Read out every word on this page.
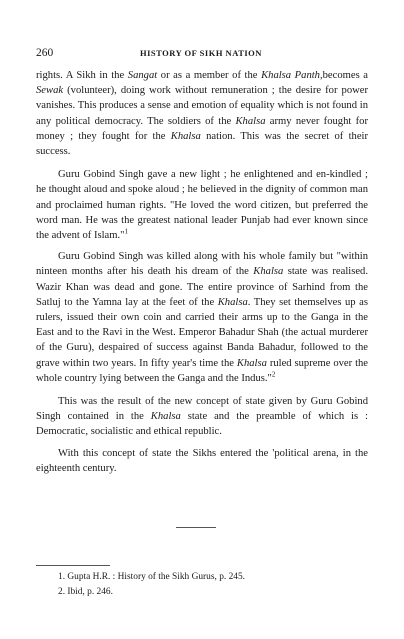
260	HISTORY OF SIKH NATION

rights. A Sikh in the Sangat or as a member of the Khalsa Panth,becomes a Sewak (volunteer), doing work without remuneration ; the desire for power vanishes. This produces a sense and emotion of equality which is not found in any political democracy. The soldiers of the Khalsa army never fought for money ; they fought for the Khalsa nation. This was the secret of their success.

Guru Gobind Singh gave a new light ; he enlightened and en-kindled ; he thought aloud and spoke aloud ; he believed in the dignity of common man and proclaimed human rights. "He loved the word citizen, but preferred the word man. He was the greatest national leader Punjab had ever known since the advent of Islam."$^1$

Guru Gobind Singh was killed along with his whole family but "within ninteen months after his death his dream of the Khalsa state was realised. Wazir Khan was dead and gone. The entire province of Sarhind from the Satluj to the Yamna lay at the feet of the Khalsa. They set themselves up as rulers, issued their own coin and carried their arms up to the Ganga in the East and to the Ravi in the West. Emperor Bahadur Shah (the actual murderer of the Guru), despaired of success against Banda Bahadur, followed to the grave within two years. In fifty year's time the Khalsa ruled supreme over the whole country lying between the Ganga and the Indus."$^2$

This was the result of the new concept of state given by Guru Gobind Singh contained in the Khalsa state and the preamble of which is : Democratic, socialistic and ethical republic.

With this concept of state the Sikhs entered the 'political arena, in the eighteenth century.

1. Gupta H.R. : History of the Sikh Gurus, p. 245.

2. Ibid, p. 246.
